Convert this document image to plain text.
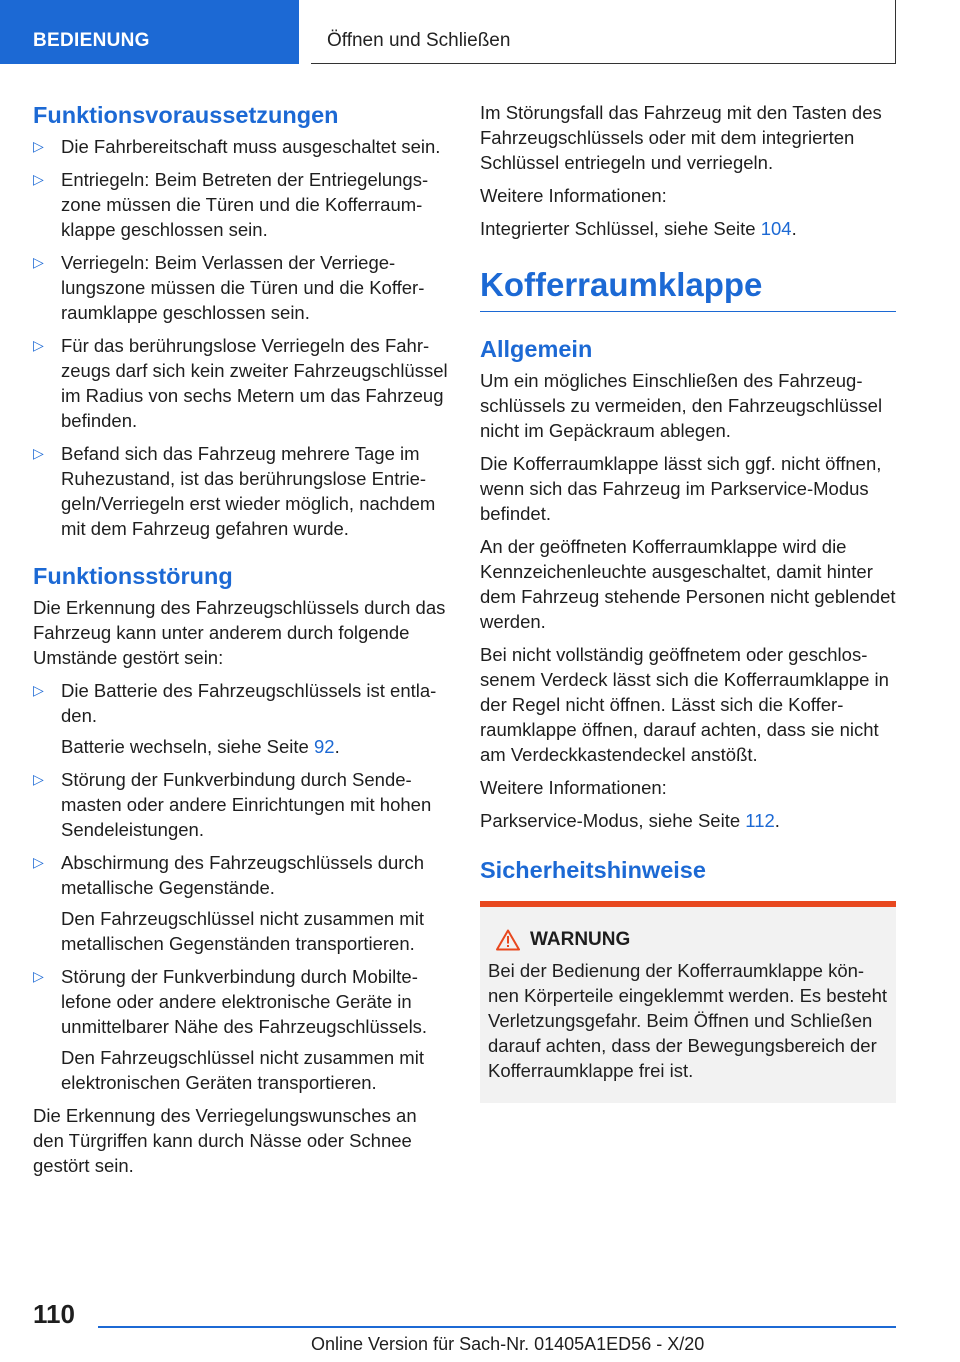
BEDIENUNG	Öffnen und Schließen
Funktionsvoraussetzungen
▷ Die Fahrbereitschaft muss ausgeschaltet sein.
▷ Entriegeln: Beim Betreten der Entriegelungszone müssen die Türen und die Kofferraumklappe geschlossen sein.
▷ Verriegeln: Beim Verlassen der Verriegelungszone müssen die Türen und die Kofferraumklappe geschlossen sein.
▷ Für das berührungslose Verriegeln des Fahrzeugs darf sich kein zweiter Fahrzeugschlüssel im Radius von sechs Metern um das Fahrzeug befinden.
▷ Befand sich das Fahrzeug mehrere Tage im Ruhezustand, ist das berührungslose Entriegeln/Verriegeln erst wieder möglich, nachdem mit dem Fahrzeug gefahren wurde.
Funktionsstörung

Die Erkennung des Fahrzeugschlüssels durch das Fahrzeug kann unter anderem durch folgende Umstände gestört sein:

▷ Die Batterie des Fahrzeugschlüssels ist entladen.
Batterie wechseln, siehe Seite 92.
▷ Störung der Funkverbindung durch Sendemasten oder andere Einrichtungen mit hohen Sendeleistungen.
▷ Abschirmung des Fahrzeugschlüssels durch metallische Gegenstände.
Den Fahrzeugschlüssel nicht zusammen mit metallischen Gegenständen transportieren.
▷ Störung der Funkverbindung durch Mobiltelefone oder andere elektronische Geräte in unmittelbarer Nähe des Fahrzeugschlüssels.
Den Fahrzeugschlüssel nicht zusammen mit elektronischen Geräten transportieren.

Die Erkennung des Verriegelungswunsches an den Türgriffen kann durch Nässe oder Schnee gestört sein.

Im Störungsfall das Fahrzeug mit den Tasten des Fahrzeugschlüssels oder mit dem integrierten Schlüssel entriegeln und verriegeln.

Weitere Informationen:

Integrierter Schlüssel, siehe Seite 104.

Kofferraumklappe
Allgemein

Um ein mögliches Einschließen des Fahrzeugschlüssels zu vermeiden, den Fahrzeugschlüssel nicht im Gepäckraum ablegen.

Die Kofferraumklappe lässt sich ggf. nicht öffnen, wenn sich das Fahrzeug im Parkservice-Modus befindet.

An der geöffneten Kofferraumklappe wird die Kennzeichenleuchte ausgeschaltet, damit hinter dem Fahrzeug stehende Personen nicht geblendet werden.

Bei nicht vollständig geöffnetem oder geschlossenem Verdeck lässt sich die Kofferraumklappe in der Regel nicht öffnen. Lässt sich die Kofferraumklappe öffnen, darauf achten, dass sie nicht am Verdeckkastendeckel anstößt.

Weitere Informationen:

Parkservice-Modus, siehe Seite 112.

Sicherheitshinweise
WARNUNG
Bei der Bedienung der Kofferraumklappe können Körperteile eingeklemmt werden. Es besteht Verletzungsgefahr. Beim Öffnen und Schließen darauf achten, dass der Bewegungsbereich der Kofferraumklappe frei ist.
110
Online Version für Sach-Nr. 01405A1ED56 - X/20
